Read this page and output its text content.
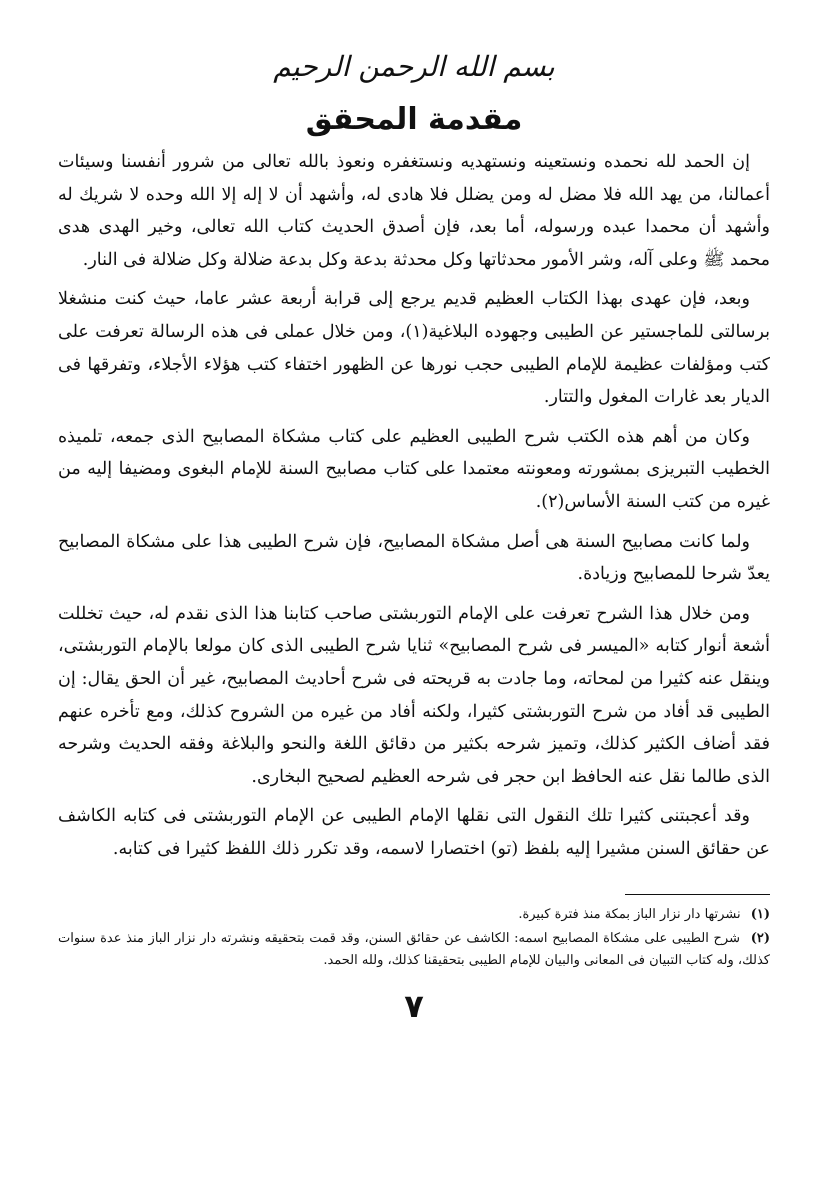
بسم الله الرحمن الرحيم
مقدمة المحقق

إن الحمد لله نحمده ونستعينه ونستهديه ونستغفره ونعوذ بالله تعالى من شرور أنفسنا وسيئات أعمالنا، من يهد الله فلا مضل له ومن يضلل فلا هادى له، وأشهد أن لا إله إلا الله وحده لا شريك له وأشهد أن محمدا عبده ورسوله، أما بعد، فإن أصدق الحديث كتاب الله تعالى، وخير الهدى هدى محمد ﷺ وعلى آله، وشر الأمور محدثاتها وكل محدثة بدعة وكل بدعة ضلالة وكل ضلالة فى النار.

وبعد، فإن عهدى بهذا الكتاب العظيم قديم يرجع إلى قرابة أربعة عشر عاما، حيث كنت منشغلا برسالتى للماجستير عن الطيبى وجهوده البلاغية(١)، ومن خلال عملى فى هذه الرسالة تعرفت على كتب ومؤلفات عظيمة للإمام الطيبى حجب نورها عن الظهور اختفاء كتب هؤلاء الأجلاء، وتفرقها فى الديار بعد غارات المغول والتتار.

وكان من أهم هذه الكتب شرح الطيبى العظيم على كتاب مشكاة المصابيح الذى جمعه، تلميذه الخطيب التبريزى بمشورته ومعونته معتمدا على كتاب مصابيح السنة للإمام البغوى ومضيفا إليه من غيره من كتب السنة الأساس(٢).

ولما كانت مصابيح السنة هى أصل مشكاة المصابيح، فإن شرح الطيبى هذا على مشكاة المصابيح يعدّ شرحا للمصابيح وزيادة.

ومن خلال هذا الشرح تعرفت على الإمام التوربشتى صاحب كتابنا هذا الذى نقدم له، حيث تخللت أشعة أنوار كتابه «الميسر فى شرح المصابيح» ثنايا شرح الطيبى الذى كان مولعا بالإمام التوربشتى، وينقل عنه كثيرا من لمحاته، وما جادت به قريحته فى شرح أحاديث المصابيح، غير أن الحق يقال: إن الطيبى قد أفاد من شرح التوربشتى كثيرا، ولكنه أفاد من غيره من الشروح كذلك، ومع تأخره عنهم فقد أضاف الكثير كذلك، وتميز شرحه بكثير من دقائق اللغة والنحو والبلاغة وفقه الحديث وشرحه الذى طالما نقل عنه الحافظ ابن حجر فى شرحه العظيم لصحيح البخارى.

وقد أعجبتنى كثيرا تلك النقول التى نقلها الإمام الطيبى عن الإمام التوربشتى فى كتابه الكاشف عن حقائق السنن مشيرا إليه بلفظ (تو) اختصارا لاسمه، وقد تكرر ذلك اللفظ كثيرا فى كتابه.

(١) نشرتها دار نزار الباز بمكة منذ فترة كبيرة.

(٢) شرح الطيبى على مشكاة المصابيح اسمه: الكاشف عن حقائق السنن، وقد قمت بتحقيقه ونشرته دار نزار الباز منذ عدة سنوات كذلك، وله كتاب التبيان فى المعانى والبيان للإمام الطيبى بتحقيقنا كذلك، ولله الحمد.

٧
